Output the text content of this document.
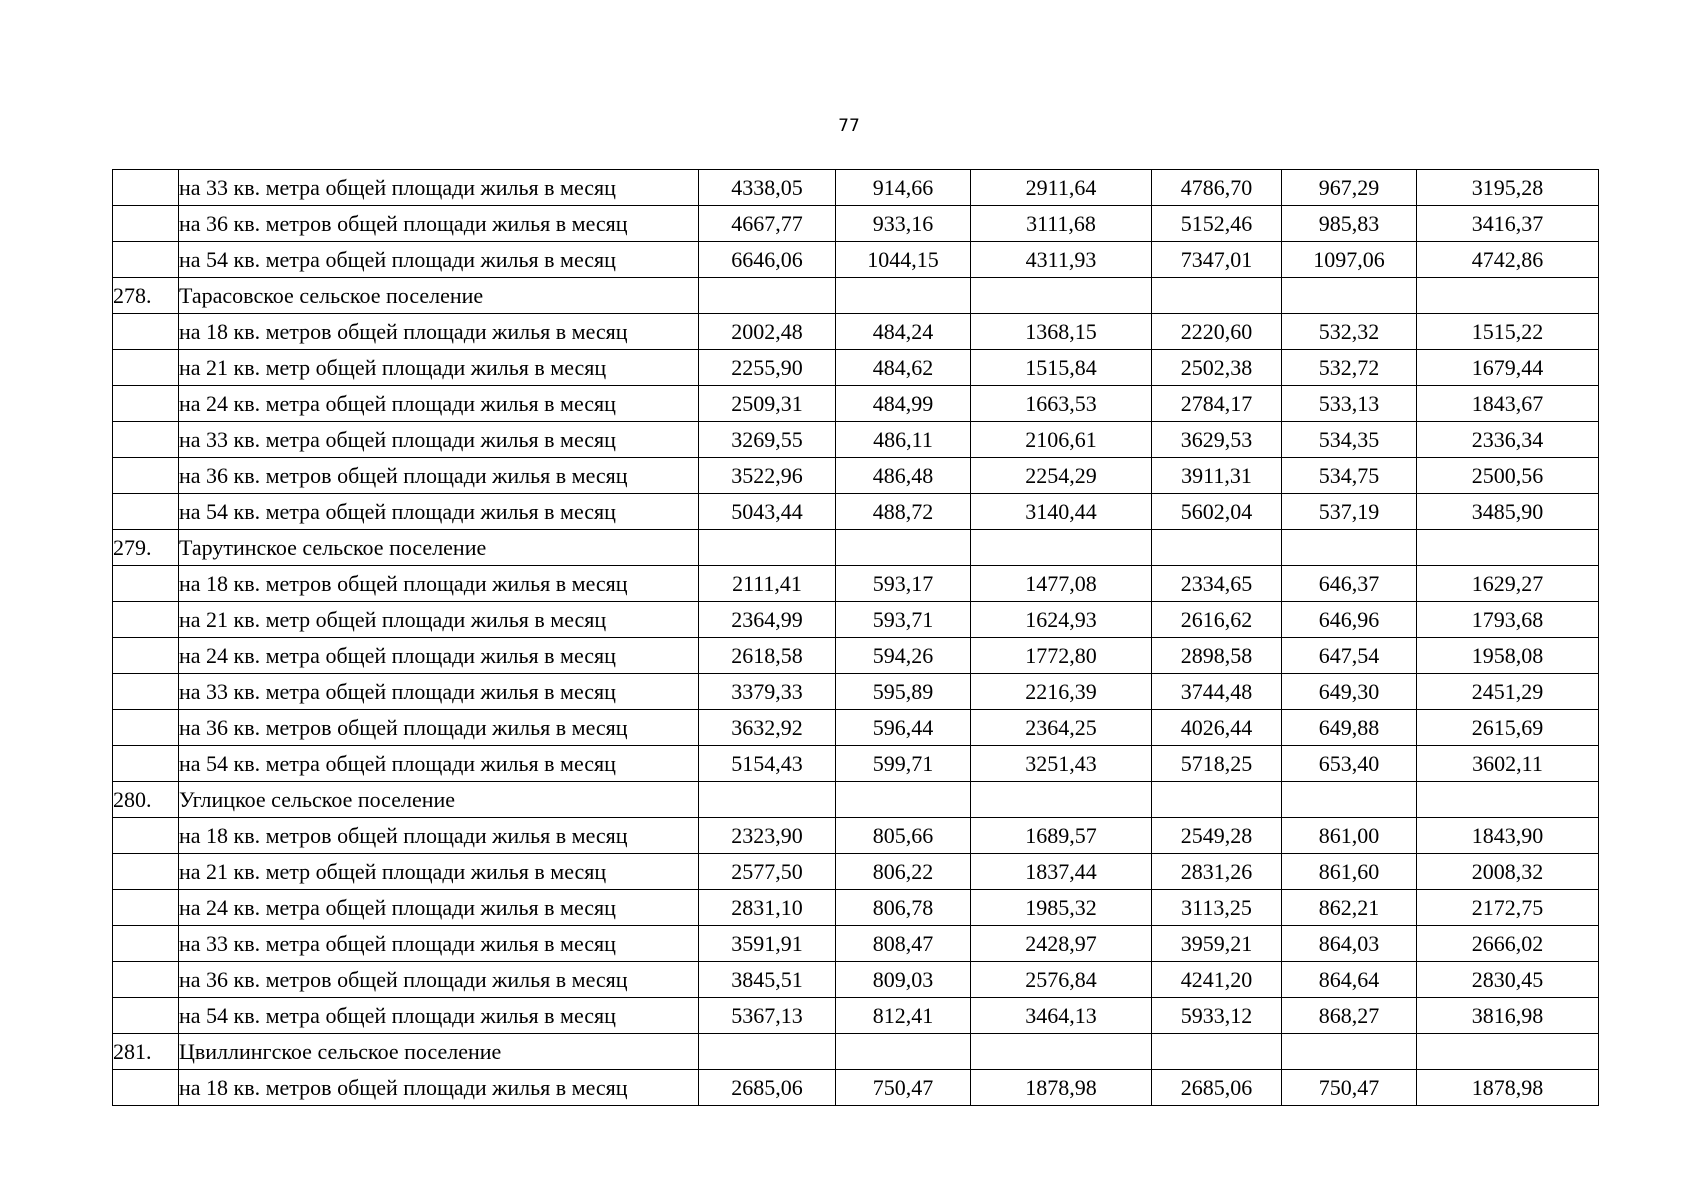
77
	на 33 кв. метра общей площади жилья в месяц	4338,05	914,66	2911,64	4786,70	967,29	3195,28
	на 36 кв. метров общей площади жилья в месяц	4667,77	933,16	3111,68	5152,46	985,83	3416,37
	на 54 кв. метра общей площади жилья в месяц	6646,06	1044,15	4311,93	7347,01	1097,06	4742,86
278.	Тарасовское сельское поселение						
	на 18 кв. метров общей площади жилья в месяц	2002,48	484,24	1368,15	2220,60	532,32	1515,22
	на 21 кв. метр общей площади жилья в месяц	2255,90	484,62	1515,84	2502,38	532,72	1679,44
	на 24 кв. метра общей площади жилья в месяц	2509,31	484,99	1663,53	2784,17	533,13	1843,67
	на 33 кв. метра общей площади жилья в месяц	3269,55	486,11	2106,61	3629,53	534,35	2336,34
	на 36 кв. метров общей площади жилья в месяц	3522,96	486,48	2254,29	3911,31	534,75	2500,56
	на 54 кв. метра общей площади жилья в месяц	5043,44	488,72	3140,44	5602,04	537,19	3485,90
279.	Тарутинское сельское поселение						
	на 18 кв. метров общей площади жилья в месяц	2111,41	593,17	1477,08	2334,65	646,37	1629,27
	на 21 кв. метр общей площади жилья в месяц	2364,99	593,71	1624,93	2616,62	646,96	1793,68
	на 24 кв. метра общей площади жилья в месяц	2618,58	594,26	1772,80	2898,58	647,54	1958,08
	на 33 кв. метра общей площади жилья в месяц	3379,33	595,89	2216,39	3744,48	649,30	2451,29
	на 36 кв. метров общей площади жилья в месяц	3632,92	596,44	2364,25	4026,44	649,88	2615,69
	на 54 кв. метра общей площади жилья в месяц	5154,43	599,71	3251,43	5718,25	653,40	3602,11
280.	Углицкое сельское поселение						
	на 18 кв. метров общей площади жилья в месяц	2323,90	805,66	1689,57	2549,28	861,00	1843,90
	на 21 кв. метр общей площади жилья в месяц	2577,50	806,22	1837,44	2831,26	861,60	2008,32
	на 24 кв. метра общей площади жилья в месяц	2831,10	806,78	1985,32	3113,25	862,21	2172,75
	на 33 кв. метра общей площади жилья в месяц	3591,91	808,47	2428,97	3959,21	864,03	2666,02
	на 36 кв. метров общей площади жилья в месяц	3845,51	809,03	2576,84	4241,20	864,64	2830,45
	на 54 кв. метра общей площади жилья в месяц	5367,13	812,41	3464,13	5933,12	868,27	3816,98
281.	Цвиллингское сельское поселение						
	на 18 кв. метров общей площади жилья в месяц	2685,06	750,47	1878,98	2685,06	750,47	1878,98
